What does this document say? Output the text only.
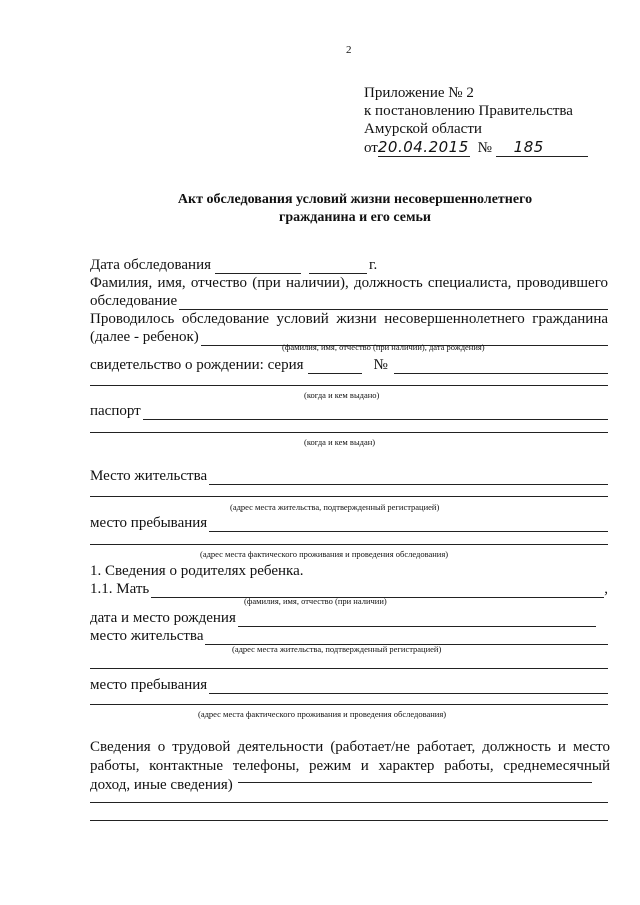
2
Приложение № 2
к постановлению Правительства
Амурской области
от20.04.2015 № 185
Акт обследования условий жизни несовершеннолетнего
гражданина и его семьи
Дата обследования	г.
Фамилия, имя, отчество (при наличии), должность специалиста, проводившего
обследование
Проводилось обследование условий жизни несовершеннолетнего гражданина
(далее - ребенок)
(фамилия, имя, отчество (при наличии), дата рождения)
свидетельство о рождении: серия	№
(когда и кем выдано)
паспорт
(когда и кем выдан)
Место жительства
(адрес места жительства, подтвержденный регистрацией)
место пребывания
(адрес места фактического проживания и проведения обследования)
1. Сведения о родителях ребенка.
1.1. Мать	,
(фамилия, имя, отчество (при наличии)
дата и место рождения
место жительства
(адрес места жительства, подтвержденный регистрацией)
место пребывания
(адрес места фактического проживания и проведения обследования)
Сведения о трудовой деятельности (работает/не работает, должность и место работы, контактные телефоны, режим и характер работы, среднемесячный доход, иные сведения)
